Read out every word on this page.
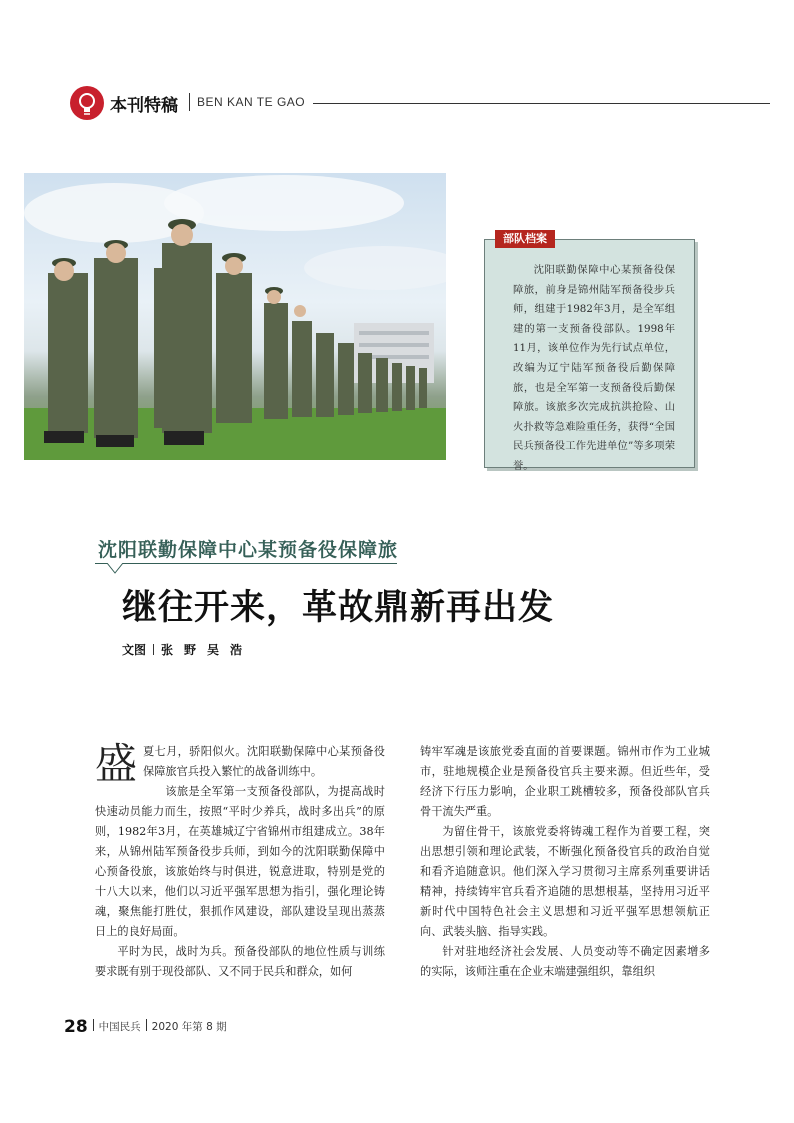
本刊特稿 BEN KAN TE GAO
部队档案
沈阳联勤保障中心某预备役保障旅，前身是锦州陆军预备役步兵师，组建于1982年3月，是全军组建的第一支预备役部队。1998年11月，该单位作为先行试点单位，改编为辽宁陆军预备役后勤保障旅，也是全军第一支预备役后勤保障旅。该旅多次完成抗洪抢险、山火扑救等急难险重任务，获得“全国民兵预备役工作先进单位”等多项荣誉。
沈阳联勤保障中心某预备役保障旅
继往开来，革故鼎新再出发
文图 张野吴浩

盛夏七月，骄阳似火。沈阳联勤保障中心某预备役保障旅官兵投入繁忙的战备训练中。

该旅是全军第一支预备役部队，为提高战时快速动员能力而生，按照“平时少养兵，战时多出兵”的原则，1982年3月，在英雄城辽宁省锦州市组建成立。38年来，从锦州陆军预备役步兵师，到如今的沈阳联勤保障中心预备役旅，该旅始终与时俱进，锐意进取，特别是党的十八大以来，他们以习近平强军思想为指引，强化理论铸魂，聚焦能打胜仗，狠抓作风建设，部队建设呈现出蒸蒸日上的良好局面。

平时为民，战时为兵。预备役部队的地位性质与训练要求既有别于现役部队、又不同于民兵和群众，如何

铸牢军魂是该旅党委直面的首要课题。锦州市作为工业城市，驻地规模企业是预备役官兵主要来源。但近些年，受经济下行压力影响，企业职工跳槽较多，预备役部队官兵骨干流失严重。

为留住骨干，该旅党委将铸魂工程作为首要工程，突出思想引领和理论武装，不断强化预备役官兵的政治自觉和看齐追随意识。他们深入学习贯彻习主席系列重要讲话精神，持续铸牢官兵看齐追随的思想根基，坚持用习近平新时代中国特色社会主义思想和习近平强军思想领航正向、武装头脑、指导实践。

针对驻地经济社会发展、人员变动等不确定因素增多的实际，该师注重在企业末端建强组织，靠组织

28 中国民兵 2020 年第 8 期
